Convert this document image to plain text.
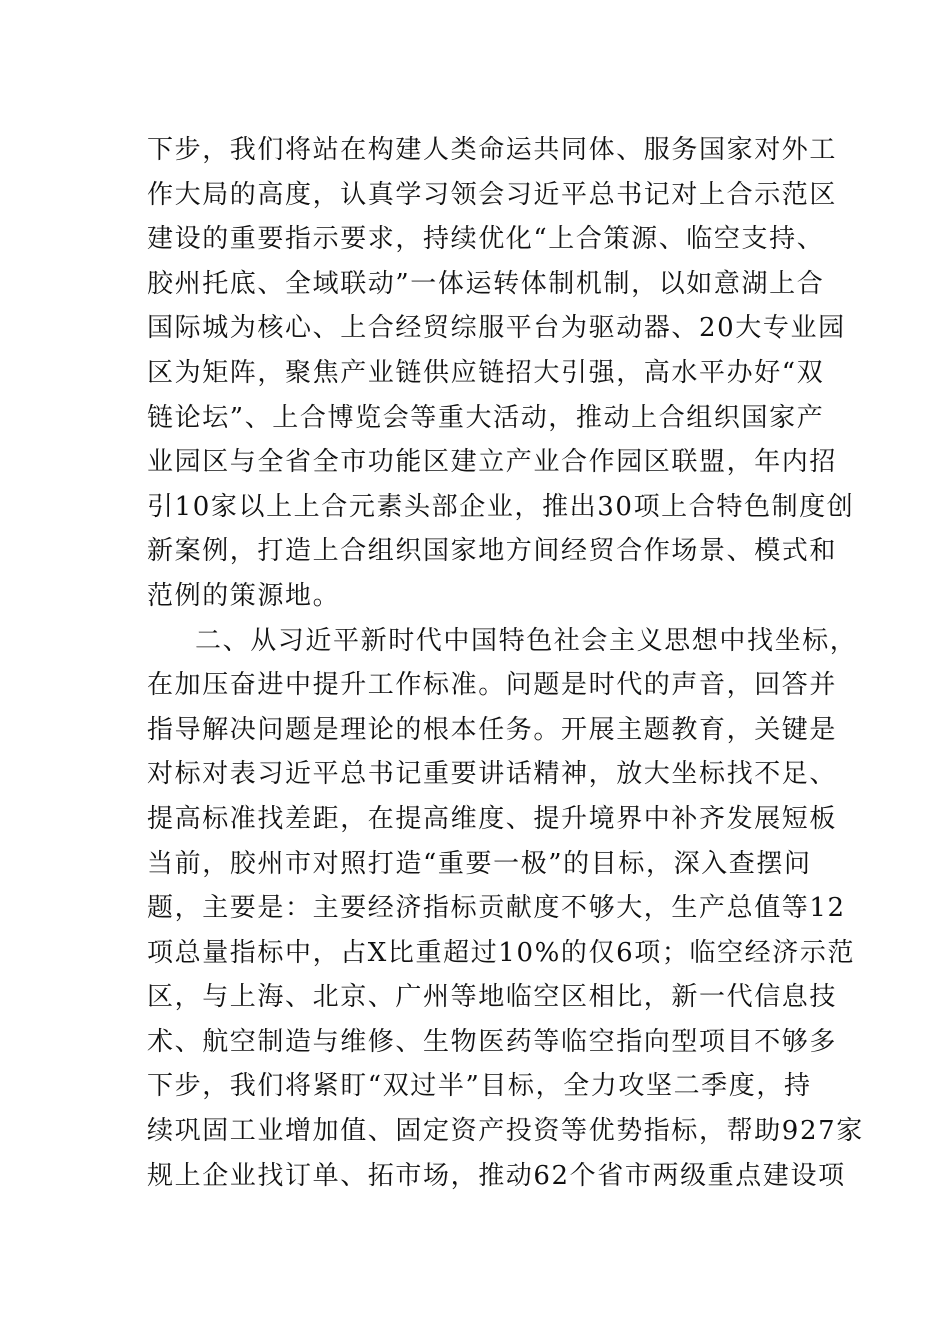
下步，我们将站在构建人类命运共同体、服务国家对外工
作大局的高度，认真学习领会习近平总书记对上合示范区
建设的重要指示要求，持续优化“上合策源、临空支持、
胶州托底、全域联动”一体运转体制机制，以如意湖上合
国际城为核心、上合经贸综服平台为驱动器、20大专业园
区为矩阵，聚焦产业链供应链招大引强，高水平办好“双
链论坛”、上合博览会等重大活动，推动上合组织国家产
业园区与全省全市功能区建立产业合作园区联盟，年内招
引10家以上上合元素头部企业，推出30项上合特色制度创
新案例，打造上合组织国家地方间经贸合作场景、模式和
范例的策源地。
二、从习近平新时代中国特色社会主义思想中找坐标，
在加压奋进中提升工作标准。问题是时代的声音，回答并
指导解决问题是理论的根本任务。开展主题教育，关键是
对标对表习近平总书记重要讲话精神，放大坐标找不足、
提高标准找差距，在提高维度、提升境界中补齐发展短板
当前，胶州市对照打造“重要一极”的目标，深入查摆问
题，主要是：主要经济指标贡献度不够大，生产总值等12
项总量指标中，占X比重超过10%的仅6项；临空经济示范
区，与上海、北京、广州等地临空区相比，新一代信息技
术、航空制造与维修、生物医药等临空指向型项目不够多
下步，我们将紧盯“双过半”目标，全力攻坚二季度，持
续巩固工业增加值、固定资产投资等优势指标，帮助927家
规上企业找订单、拓市场，推动62个省市两级重点建设项
